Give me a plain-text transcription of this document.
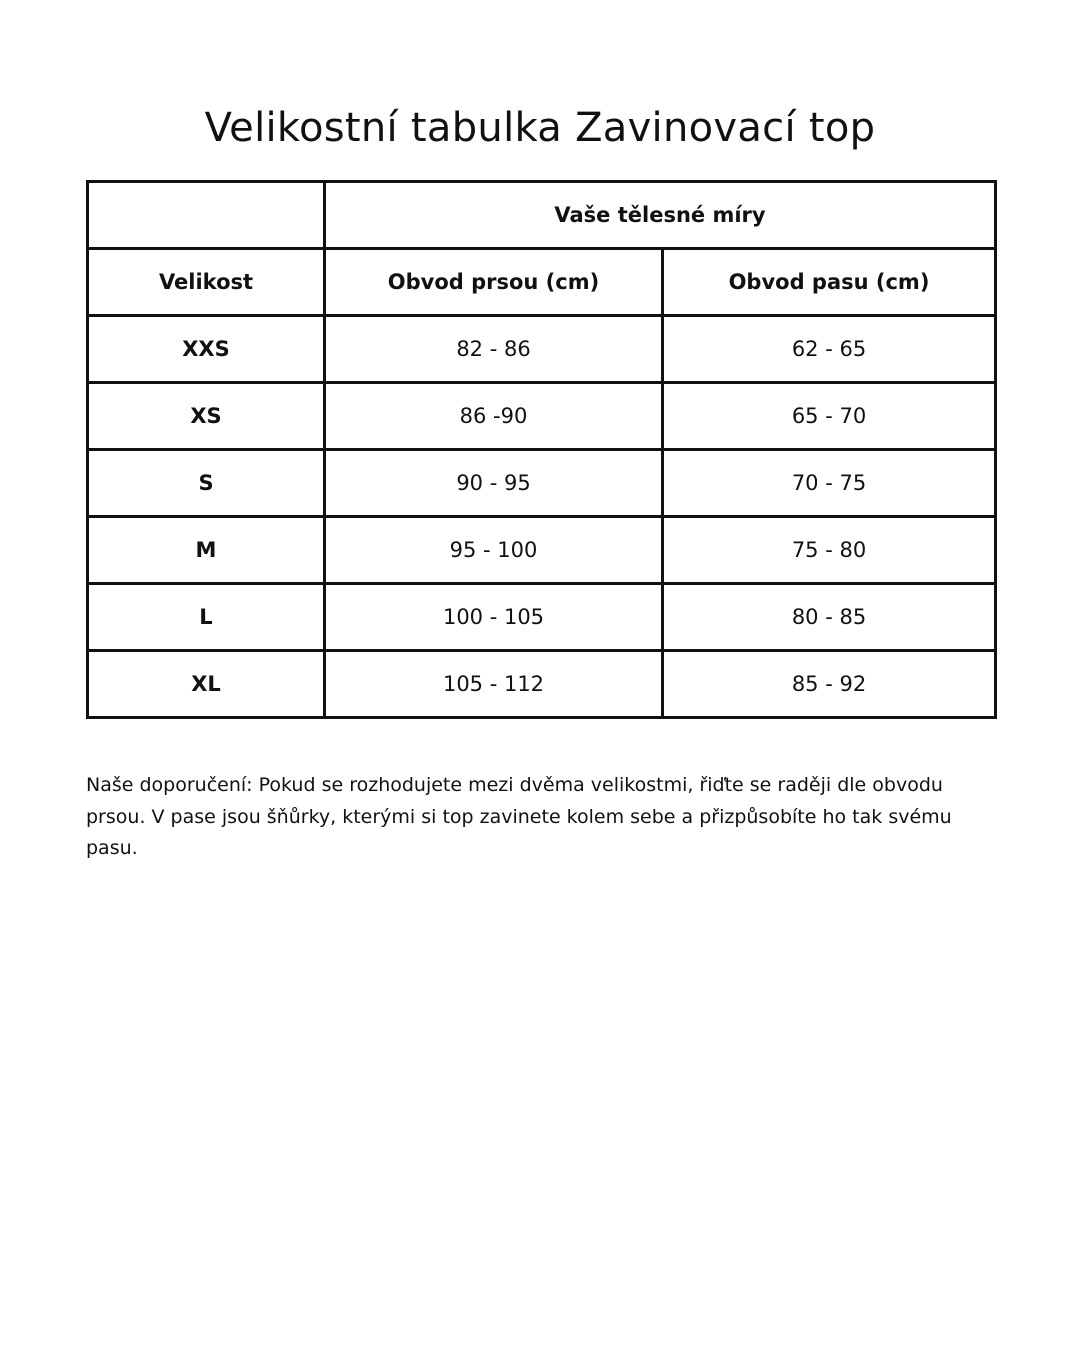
Velikostní tabulka Zavinovací top
	Vaše tělesné míry	
Velikost	Obvod prsou (cm)	Obvod pasu (cm)
XXS	82 - 86	62 - 65
XS	86 -90	65 - 70
S	90 - 95	70 - 75
M	95 - 100	75 - 80
L	100 - 105	80 - 85
XL	105 - 112	85 - 92

Naše doporučení: Pokud se rozhodujete mezi dvěma velikostmi, řiďte se raději dle obvodu prsou. V pase jsou šňůrky, kterými si top zavinete kolem sebe a přizpůsobíte ho tak svému pasu.
